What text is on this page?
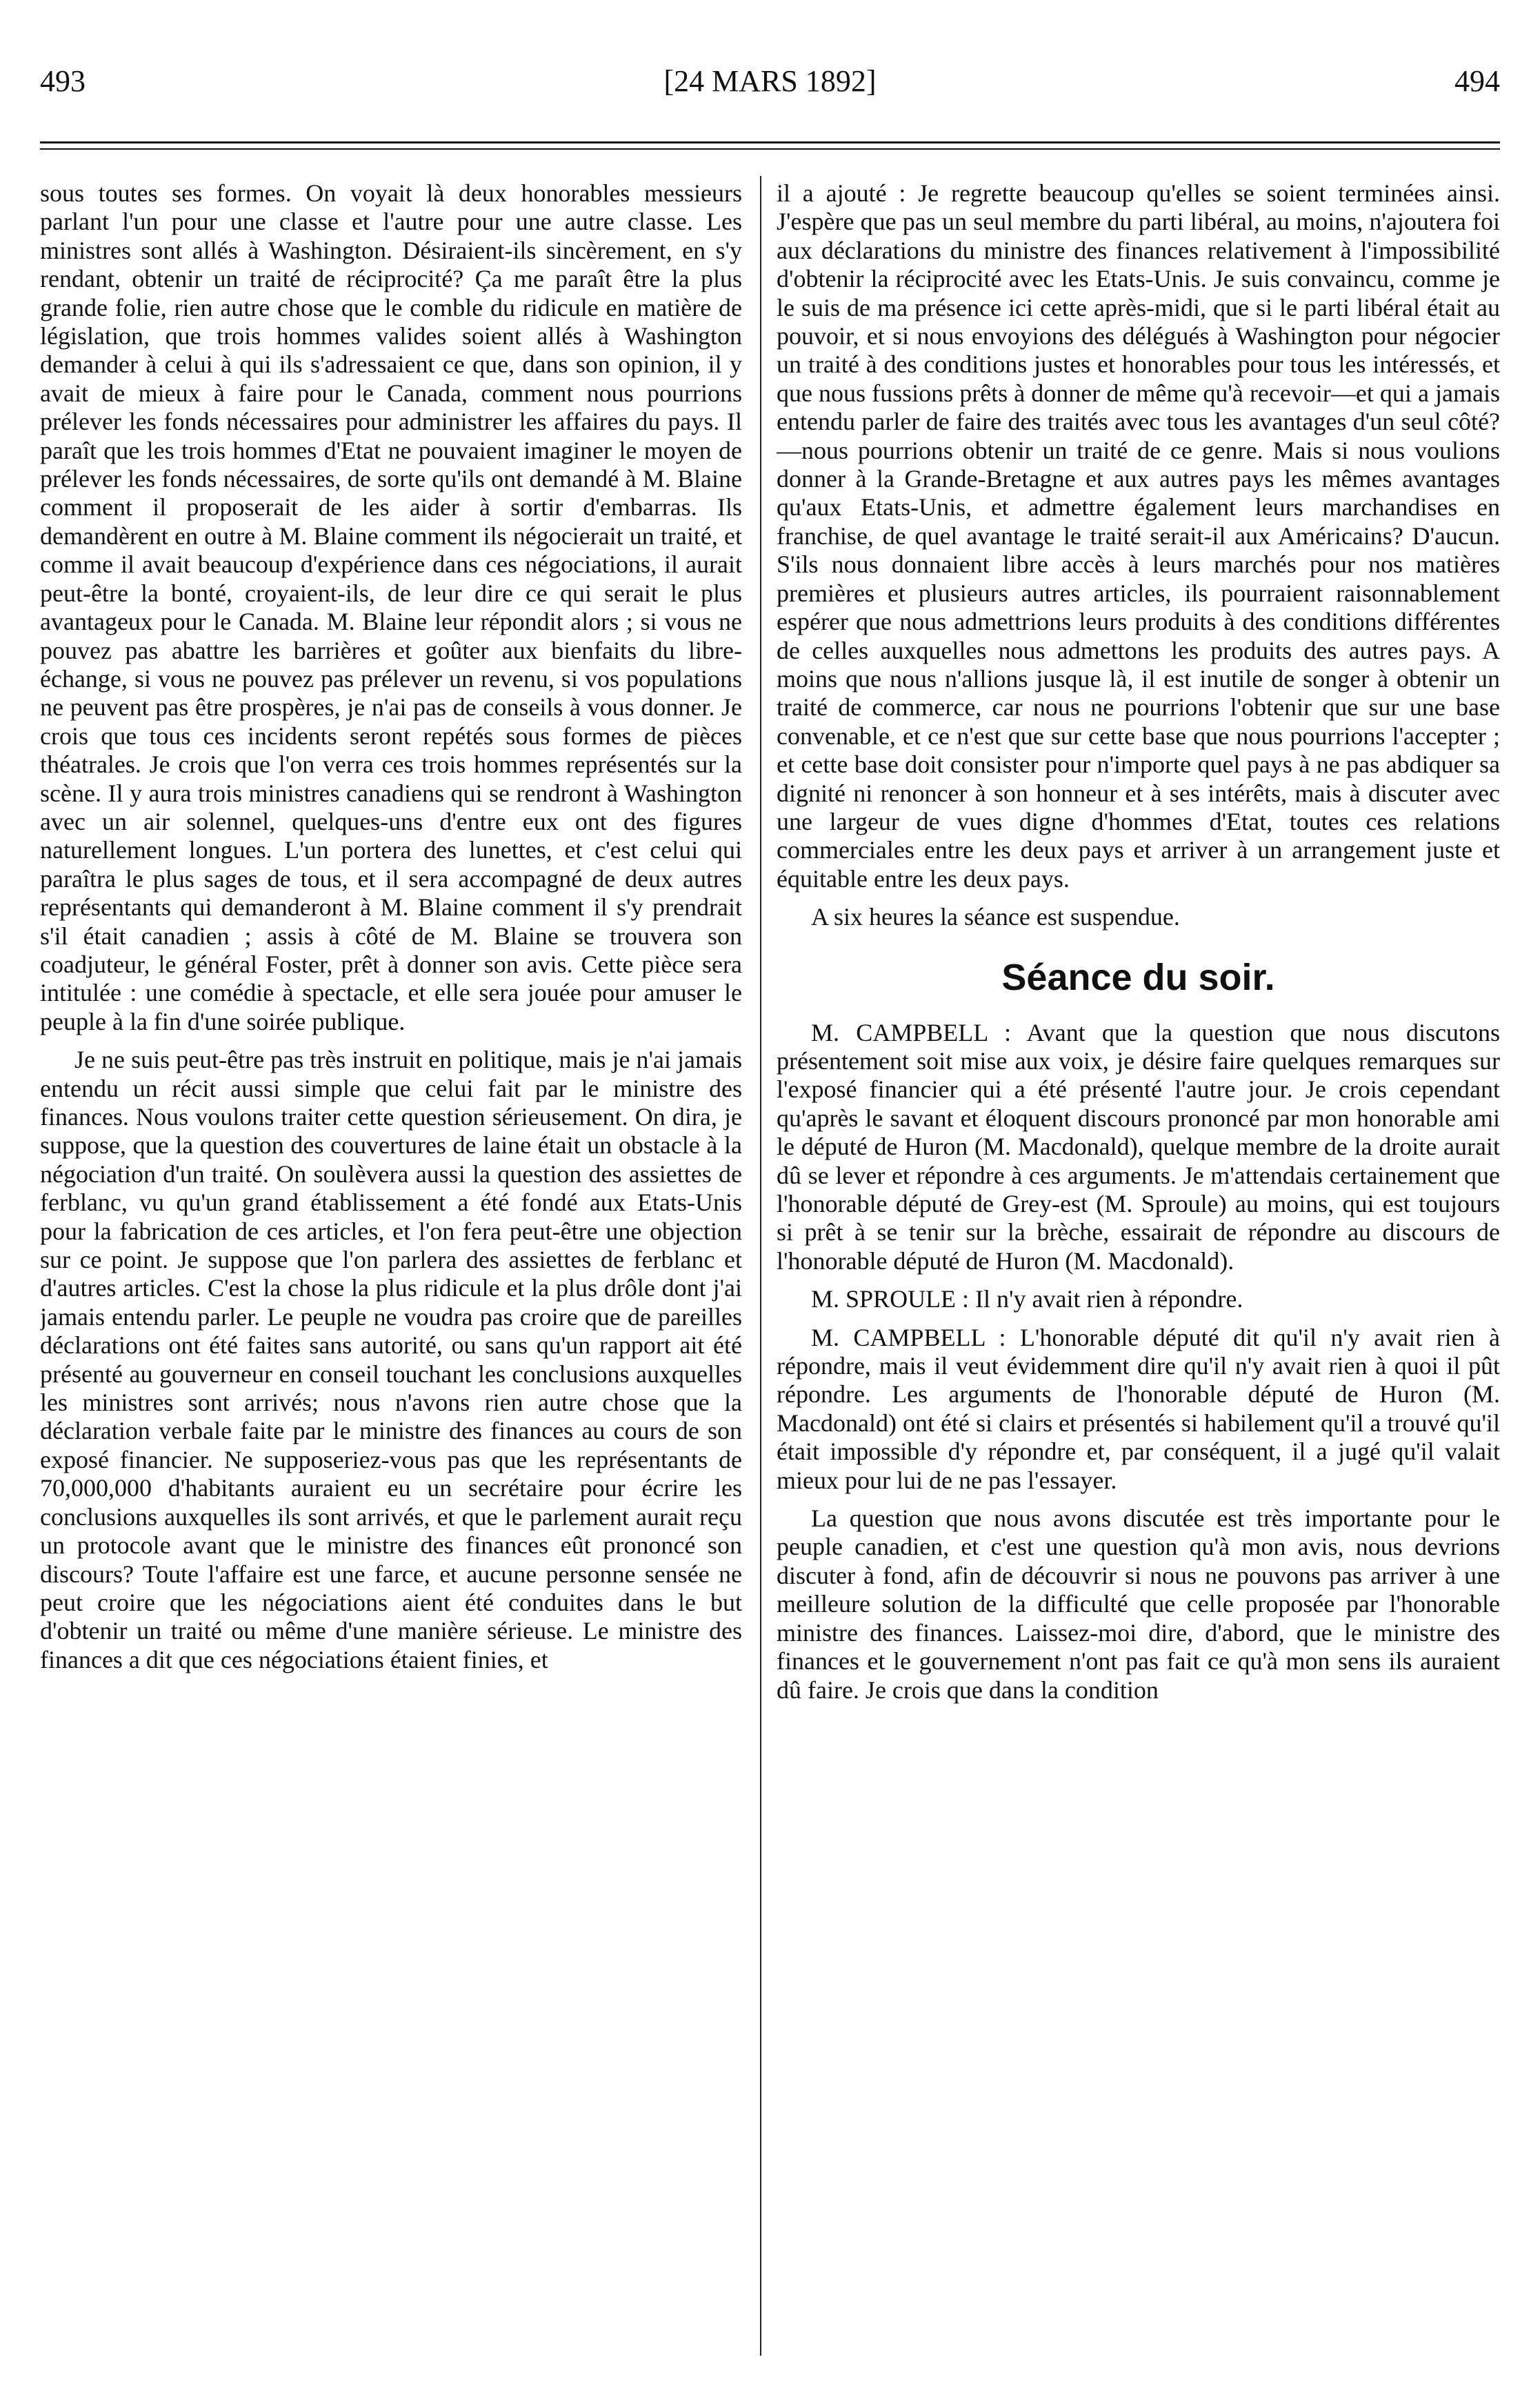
493	[24 MARS 1892]	494

sous toutes ses formes. On voyait là deux honorables messieurs parlant l'un pour une classe et l'autre pour une autre classe. Les ministres sont allés à Washington. Désiraient-ils sincèrement, en s'y rendant, obtenir un traité de réciprocité? Ça me paraît être la plus grande folie, rien autre chose que le comble du ridicule en matière de législation, que trois hommes valides soient allés à Washington demander à celui à qui ils s'adressaient ce que, dans son opinion, il y avait de mieux à faire pour le Canada, comment nous pourrions prélever les fonds nécessaires pour administrer les affaires du pays. Il paraît que les trois hommes d'Etat ne pouvaient imaginer le moyen de prélever les fonds nécessaires, de sorte qu'ils ont demandé à M. Blaine comment il proposerait de les aider à sortir d'embarras. Ils demandèrent en outre à M. Blaine comment ils négocierait un traité, et comme il avait beaucoup d'expérience dans ces négociations, il aurait peut-être la bonté, croyaient-ils, de leur dire ce qui serait le plus avantageux pour le Canada. M. Blaine leur répondit alors ; si vous ne pouvez pas abattre les barrières et goûter aux bienfaits du libre-échange, si vous ne pouvez pas prélever un revenu, si vos populations ne peuvent pas être prospères, je n'ai pas de conseils à vous donner. Je crois que tous ces incidents seront repétés sous formes de pièces théatrales. Je crois que l'on verra ces trois hommes représentés sur la scène. Il y aura trois ministres canadiens qui se rendront à Washington avec un air solennel, quelques-uns d'entre eux ont des figures naturellement longues. L'un portera des lunettes, et c'est celui qui paraîtra le plus sages de tous, et il sera accompagné de deux autres représentants qui demanderont à M. Blaine comment il s'y prendrait s'il était canadien ; assis à côté de M. Blaine se trouvera son coadjuteur, le général Foster, prêt à donner son avis. Cette pièce sera intitulée : une comédie à spectacle, et elle sera jouée pour amuser le peuple à la fin d'une soirée publique.

Je ne suis peut-être pas très instruit en politique, mais je n'ai jamais entendu un récit aussi simple que celui fait par le ministre des finances. Nous voulons traiter cette question sérieusement. On dira, je suppose, que la question des couvertures de laine était un obstacle à la négociation d'un traité. On soulèvera aussi la question des assiettes de ferblanc, vu qu'un grand établissement a été fondé aux Etats-Unis pour la fabrication de ces articles, et l'on fera peut-être une objection sur ce point. Je suppose que l'on parlera des assiettes de ferblanc et d'autres articles. C'est la chose la plus ridicule et la plus drôle dont j'ai jamais entendu parler. Le peuple ne voudra pas croire que de pareilles déclarations ont été faites sans autorité, ou sans qu'un rapport ait été présenté au gouverneur en conseil touchant les conclusions auxquelles les ministres sont arrivés; nous n'avons rien autre chose que la déclaration verbale faite par le ministre des finances au cours de son exposé financier. Ne supposeriez-vous pas que les représentants de 70,000,000 d'habitants auraient eu un secrétaire pour écrire les conclusions auxquelles ils sont arrivés, et que le parlement aurait reçu un protocole avant que le ministre des finances eût prononcé son discours? Toute l'affaire est une farce, et aucune personne sensée ne peut croire que les négociations aient été conduites dans le but d'obtenir un traité ou même d'une manière sérieuse. Le ministre des finances a dit que ces négociations étaient finies, et

il a ajouté : Je regrette beaucoup qu'elles se soient terminées ainsi. J'espère que pas un seul membre du parti libéral, au moins, n'ajoutera foi aux déclarations du ministre des finances relativement à l'impossibilité d'obtenir la réciprocité avec les Etats-Unis. Je suis convaincu, comme je le suis de ma présence ici cette après-midi, que si le parti libéral était au pouvoir, et si nous envoyions des délégués à Washington pour négocier un traité à des conditions justes et honorables pour tous les intéressés, et que nous fussions prêts à donner de même qu'à recevoir—et qui a jamais entendu parler de faire des traités avec tous les avantages d'un seul côté?—nous pourrions obtenir un traité de ce genre. Mais si nous voulions donner à la Grande-Bretagne et aux autres pays les mêmes avantages qu'aux Etats-Unis, et admettre également leurs marchandises en franchise, de quel avantage le traité serait-il aux Américains? D'aucun. S'ils nous donnaient libre accès à leurs marchés pour nos matières premières et plusieurs autres articles, ils pourraient raisonnablement espérer que nous admettrions leurs produits à des conditions différentes de celles auxquelles nous admettons les produits des autres pays. A moins que nous n'allions jusque là, il est inutile de songer à obtenir un traité de commerce, car nous ne pourrions l'obtenir que sur une base convenable, et ce n'est que sur cette base que nous pourrions l'accepter ; et cette base doit consister pour n'importe quel pays à ne pas abdiquer sa dignité ni renoncer à son honneur et à ses intérêts, mais à discuter avec une largeur de vues digne d'hommes d'Etat, toutes ces relations commerciales entre les deux pays et arriver à un arrangement juste et équitable entre les deux pays.

A six heures la séance est suspendue.

Séance du soir.

M. CAMPBELL : Avant que la question que nous discutons présentement soit mise aux voix, je désire faire quelques remarques sur l'exposé financier qui a été présenté l'autre jour. Je crois cependant qu'après le savant et éloquent discours prononcé par mon honorable ami le député de Huron (M. Macdonald), quelque membre de la droite aurait dû se lever et répondre à ces arguments. Je m'attendais certainement que l'honorable député de Grey-est (M. Sproule) au moins, qui est toujours si prêt à se tenir sur la brèche, essairait de répondre au discours de l'honorable député de Huron (M. Macdonald).

M. SPROULE : Il n'y avait rien à répondre.

M. CAMPBELL : L'honorable député dit qu'il n'y avait rien à répondre, mais il veut évidemment dire qu'il n'y avait rien à quoi il pût répondre. Les arguments de l'honorable député de Huron (M. Macdonald) ont été si clairs et présentés si habilement qu'il a trouvé qu'il était impossible d'y répondre et, par conséquent, il a jugé qu'il valait mieux pour lui de ne pas l'essayer.

La question que nous avons discutée est très importante pour le peuple canadien, et c'est une question qu'à mon avis, nous devrions discuter à fond, afin de découvrir si nous ne pouvons pas arriver à une meilleure solution de la difficulté que celle proposée par l'honorable ministre des finances. Laissez-moi dire, d'abord, que le ministre des finances et le gouvernement n'ont pas fait ce qu'à mon sens ils auraient dû faire. Je crois que dans la condition
